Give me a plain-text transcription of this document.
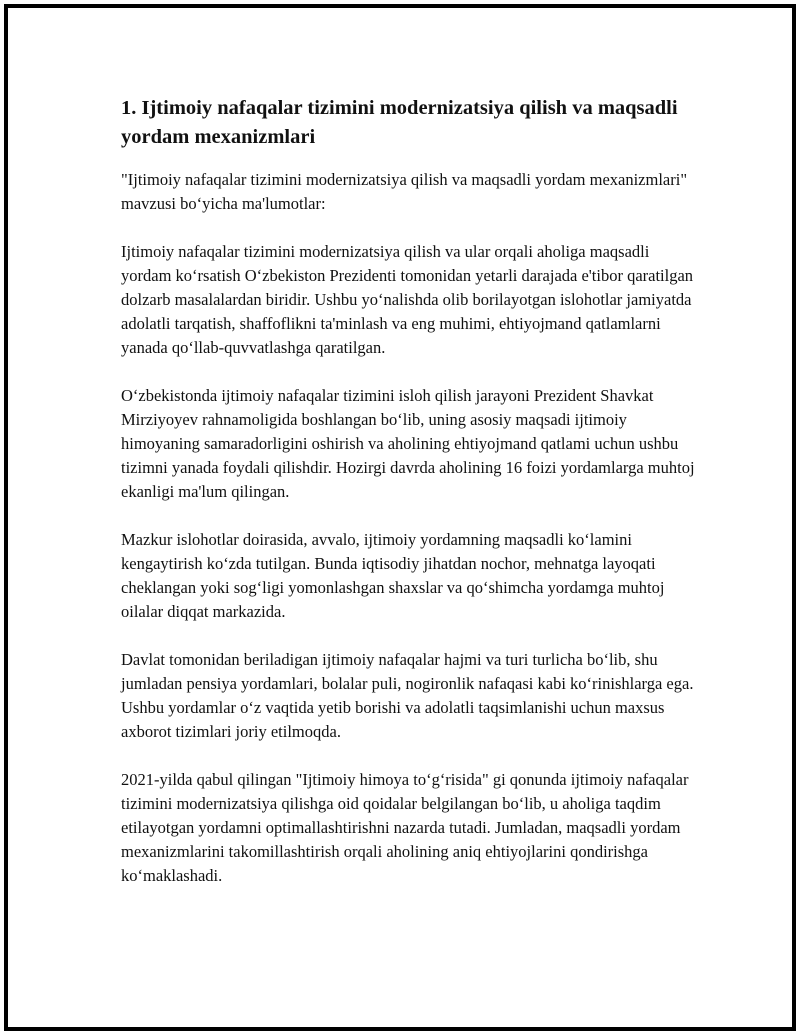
1. Ijtimoiy nafaqalar tizimini modernizatsiya qilish va maqsadli yordam mexanizmlari

"Ijtimoiy nafaqalar tizimini modernizatsiya qilish va maqsadli yordam mexanizmlari" mavzusi boʻyicha ma'lumotlar:

Ijtimoiy nafaqalar tizimini modernizatsiya qilish va ular orqali aholiga maqsadli yordam koʻrsatish Oʻzbekiston Prezidenti tomonidan yetarli darajada e'tibor qaratilgan dolzarb masalalardan biridir. Ushbu yoʻnalishda olib borilayotgan islohotlar jamiyatda adolatli tarqatish, shaffoflikni ta'minlash va eng muhimi, ehtiyojmand qatlamlarni yanada qoʻllab-quvvatlashga qaratilgan.

Oʻzbekistonda ijtimoiy nafaqalar tizimini isloh qilish jarayoni Prezident Shavkat Mirziyoyev rahnamoligida boshlangan boʻlib, uning asosiy maqsadi ijtimoiy himoyaning samaradorligini oshirish va aholining ehtiyojmand qatlami uchun ushbu tizimni yanada foydali qilishdir. Hozirgi davrda aholining 16 foizi yordamlarga muhtoj ekanligi ma'lum qilingan.

Mazkur islohotlar doirasida, avvalo, ijtimoiy yordamning maqsadli koʻlamini kengaytirish koʻzda tutilgan. Bunda iqtisodiy jihatdan nochor, mehnatga layoqati cheklangan yoki sogʻligi yomonlashgan shaxslar va qoʻshimcha yordamga muhtoj oilalar diqqat markazida.

Davlat tomonidan beriladigan ijtimoiy nafaqalar hajmi va turi turlicha boʻlib, shu jumladan pensiya yordamlari, bolalar puli, nogironlik nafaqasi kabi koʻrinishlarga ega. Ushbu yordamlar oʻz vaqtida yetib borishi va adolatli taqsimlanishi uchun maxsus axborot tizimlari joriy etilmoqda.

2021-yilda qabul qilingan "Ijtimoiy himoya toʻgʻrisida" gi qonunda ijtimoiy nafaqalar tizimini modernizatsiya qilishga oid qoidalar belgilangan boʻlib, u aholiga taqdim etilayotgan yordamni optimallashtirishni nazarda tutadi. Jumladan, maqsadli yordam mexanizmlarini takomillashtirish orqali aholining aniq ehtiyojlarini qondirishga koʻmaklashadi.
